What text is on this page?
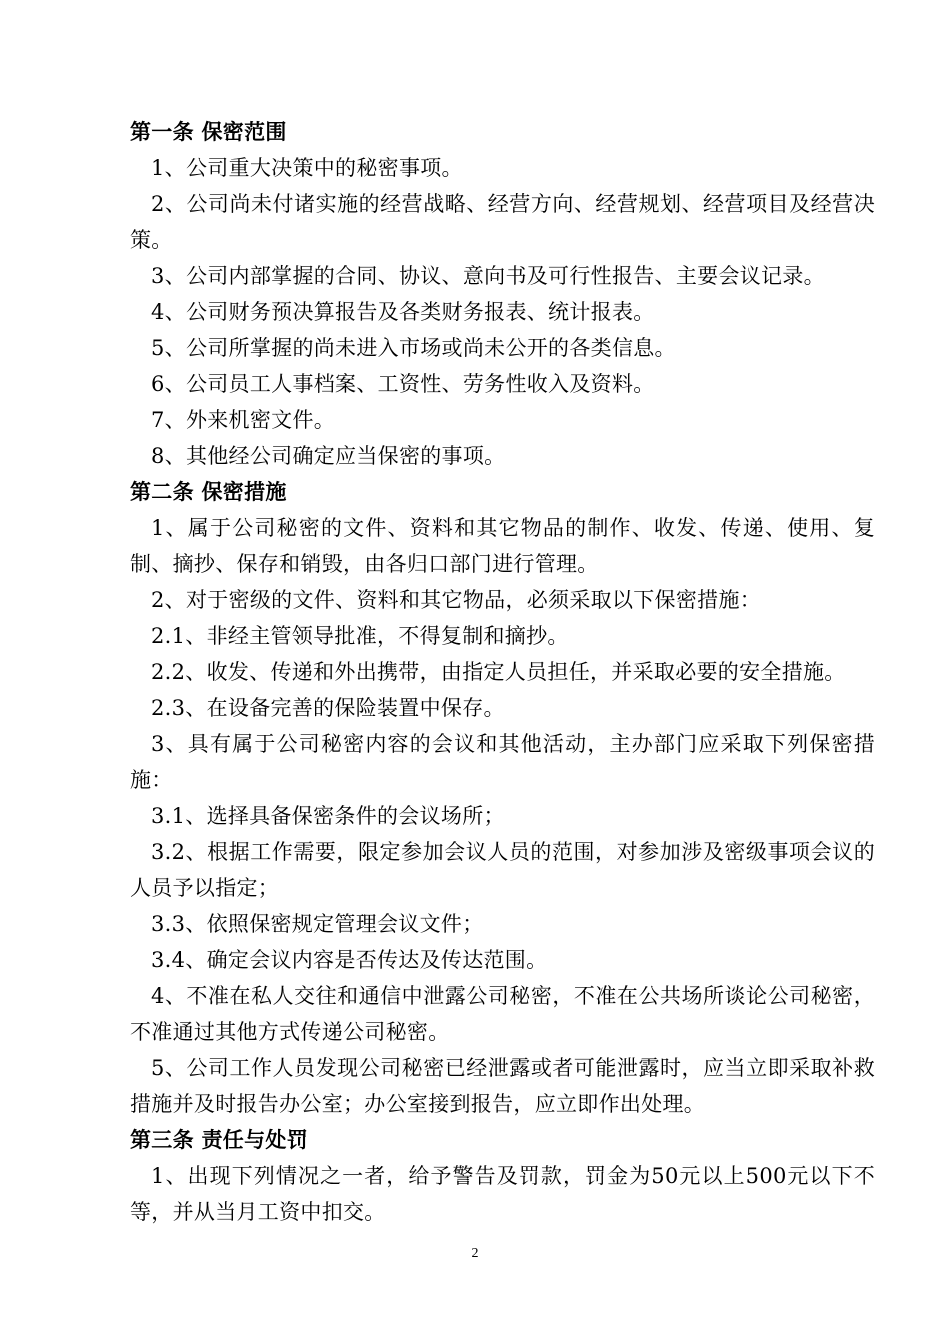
第一条 保密范围

1、公司重大决策中的秘密事项。

2、公司尚未付诸实施的经营战略、经营方向、经营规划、经营项目及经营决策。

3、公司内部掌握的合同、协议、意向书及可行性报告、主要会议记录。

4、公司财务预决算报告及各类财务报表、统计报表。

5、公司所掌握的尚未进入市场或尚未公开的各类信息。

6、公司员工人事档案、工资性、劳务性收入及资料。

7、外来机密文件。

8、其他经公司确定应当保密的事项。

第二条 保密措施

1、属于公司秘密的文件、资料和其它物品的制作、收发、传递、使用、复制、摘抄、保存和销毁，由各归口部门进行管理。

2、对于密级的文件、资料和其它物品，必须采取以下保密措施：

2.1、非经主管领导批准，不得复制和摘抄。

2.2、收发、传递和外出携带，由指定人员担任，并采取必要的安全措施。

2.3、在设备完善的保险装置中保存。

3、具有属于公司秘密内容的会议和其他活动，主办部门应采取下列保密措施：

3.1、选择具备保密条件的会议场所；

3.2、根据工作需要，限定参加会议人员的范围，对参加涉及密级事项会议的人员予以指定；

3.3、依照保密规定管理会议文件；

3.4、确定会议内容是否传达及传达范围。

4、不准在私人交往和通信中泄露公司秘密，不准在公共场所谈论公司秘密，不准通过其他方式传递公司秘密。

5、公司工作人员发现公司秘密已经泄露或者可能泄露时，应当立即采取补救措施并及时报告办公室；办公室接到报告，应立即作出处理。

第三条 责任与处罚

1、出现下列情况之一者，给予警告及罚款，罚金为50元以上500元以下不等，并从当月工资中扣交。

2
